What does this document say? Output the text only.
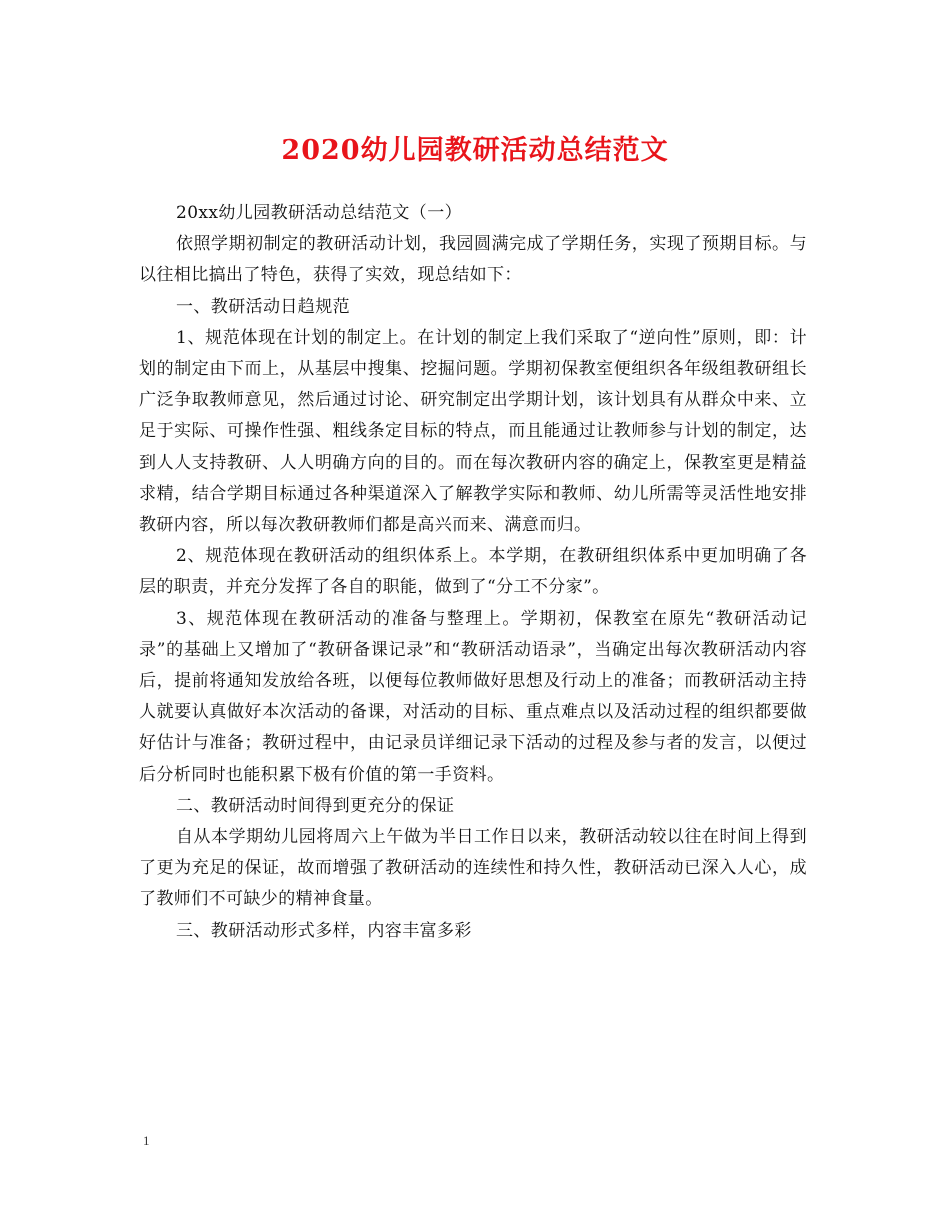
2020幼儿园教研活动总结范文

20xx幼儿园教研活动总结范文（一）

依照学期初制定的教研活动计划，我园圆满完成了学期任务，实现了预期目标。与以往相比搞出了特色，获得了实效，现总结如下：

一、教研活动日趋规范

1、规范体现在计划的制定上。在计划的制定上我们采取了“逆向性”原则，即：计划的制定由下而上，从基层中搜集、挖掘问题。学期初保教室便组织各年级组教研组长广泛争取教师意见，然后通过讨论、研究制定出学期计划，该计划具有从群众中来、立足于实际、可操作性强、粗线条定目标的特点，而且能通过让教师参与计划的制定，达到人人支持教研、人人明确方向的目的。而在每次教研内容的确定上，保教室更是精益求精，结合学期目标通过各种渠道深入了解教学实际和教师、幼儿所需等灵活性地安排教研内容，所以每次教研教师们都是高兴而来、满意而归。

2、规范体现在教研活动的组织体系上。本学期，在教研组织体系中更加明确了各层的职责，并充分发挥了各自的职能，做到了“分工不分家”。

3、规范体现在教研活动的准备与整理上。学期初，保教室在原先“教研活动记录”的基础上又增加了“教研备课记录”和“教研活动语录”，当确定出每次教研活动内容后，提前将通知发放给各班，以便每位教师做好思想及行动上的准备；而教研活动主持人就要认真做好本次活动的备课，对活动的目标、重点难点以及活动过程的组织都要做好估计与准备；教研过程中，由记录员详细记录下活动的过程及参与者的发言，以便过后分析同时也能积累下极有价值的第一手资料。

二、教研活动时间得到更充分的保证

自从本学期幼儿园将周六上午做为半日工作日以来，教研活动较以往在时间上得到了更为充足的保证，故而增强了教研活动的连续性和持久性，教研活动已深入人心，成了教师们不可缺少的精神食量。

三、教研活动形式多样，内容丰富多彩

1
